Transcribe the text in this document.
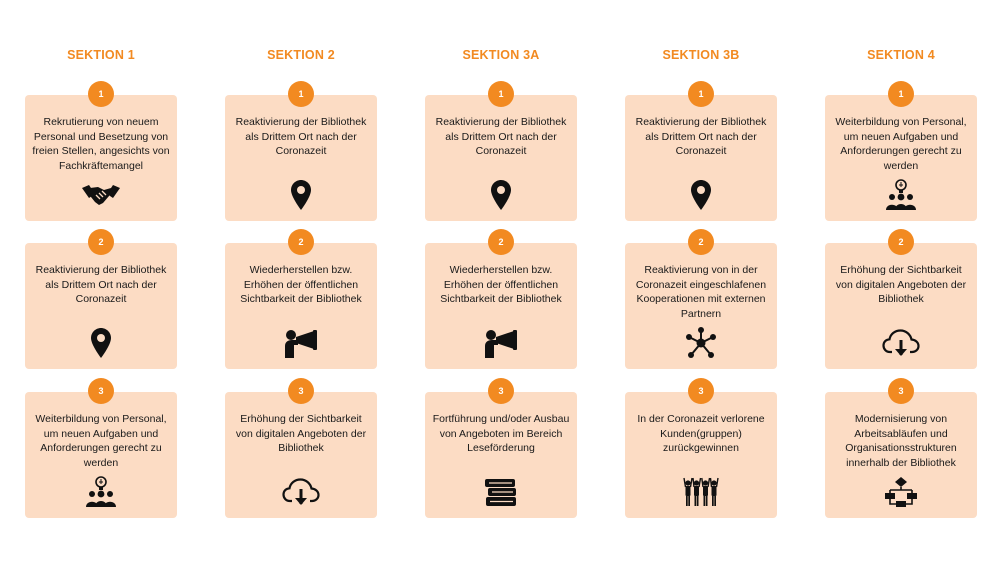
SEKTION 1
1
Rekrutierung von neuem Personal und Besetzung von freien Stellen, angesichts von Fachkräftemangel
2
Reaktivierung der Bibliothek als Drittem Ort nach der Coronazeit
3
Weiterbildung von Personal, um neuen Aufgaben und Anforderungen gerecht zu werden
SEKTION 2
1
Reaktivierung der Bibliothek als Drittem Ort nach der Coronazeit
2
Wiederherstellen bzw. Erhöhen der öffentlichen Sichtbarkeit der Bibliothek
3
Erhöhung der Sichtbarkeit von digitalen Angeboten der Bibliothek
SEKTION 3A
1
Reaktivierung der Bibliothek als Drittem Ort nach der Coronazeit
2
Wiederherstellen bzw. Erhöhen der öffentlichen Sichtbarkeit der Bibliothek
3
Fortführung und/oder Ausbau von Angeboten im Bereich Leseförderung
SEKTION 3B
1
Reaktivierung der Bibliothek als Drittem Ort nach der Coronazeit
2
Reaktivierung von in der Coronazeit eingeschlafenen Kooperationen mit externen Partnern
3
In der Coronazeit verlorene Kunden(gruppen) zurückgewinnen
SEKTION 4
1
Weiterbildung von Personal, um neuen Aufgaben und Anforderungen gerecht zu werden
2
Erhöhung der Sichtbarkeit von digitalen Angeboten der Bibliothek
3
Modernisierung von Arbeitsabläufen und Organisationsstrukturen innerhalb der Bibliothek
